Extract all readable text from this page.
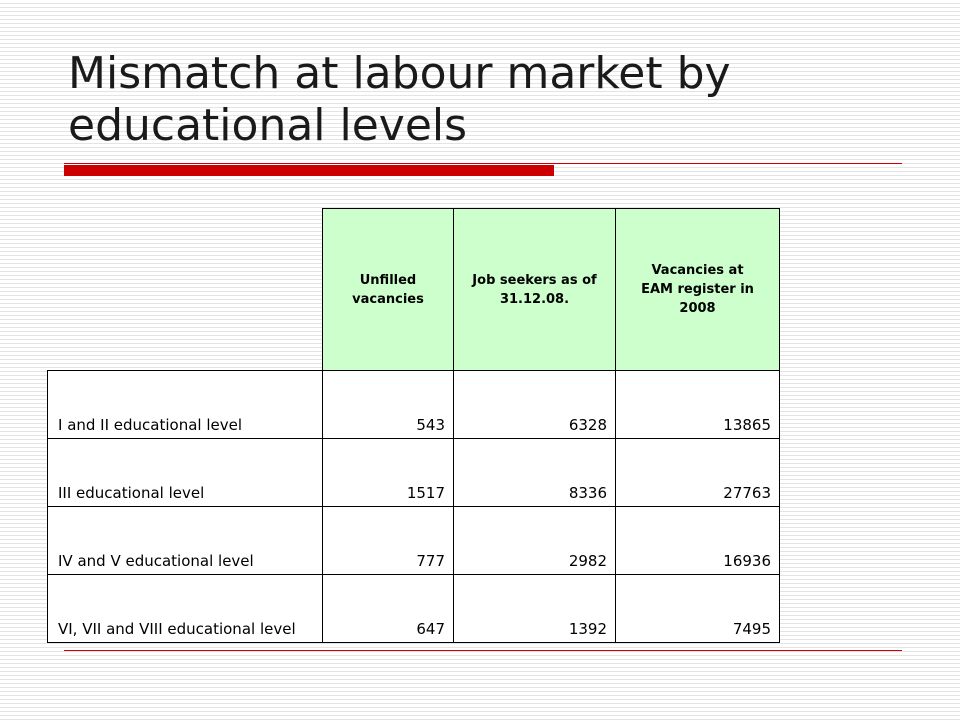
Mismatch at labour market by educational levels
	Unfilled vacancies	Job seekers as of 31.12.08.	Vacancies at EAM register in 2008
I and II educational level	543	6328	13865
III educational level	1517	8336	27763
IV and V educational level	777	2982	16936
VI, VII and VIII educational level	647	1392	7495
